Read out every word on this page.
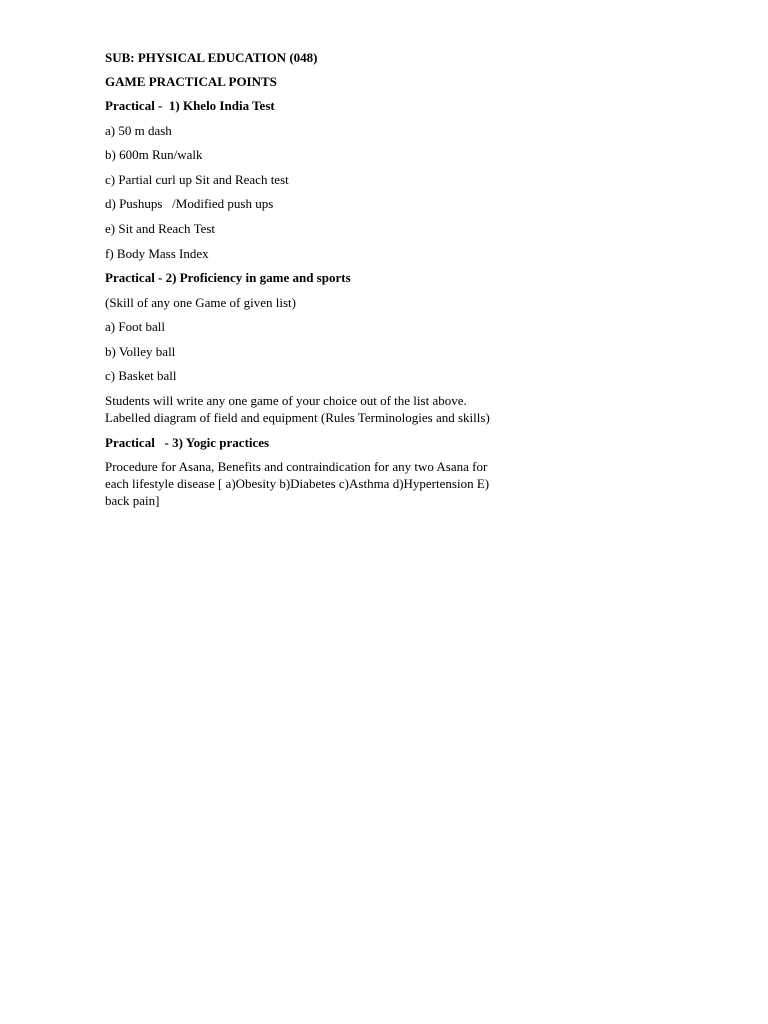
SUB: PHYSICAL EDUCATION (048)
GAME PRACTICAL POINTS
Practical -  1) Khelo India Test
a) 50 m dash
b) 600m Run/walk
c) Partial curl up Sit and Reach test
d) Pushups   /Modified push ups
e) Sit and Reach Test
f) Body Mass Index
Practical - 2) Proficiency in game and sports
(Skill of any one Game of given list)
a) Foot ball
b) Volley ball
c) Basket ball
Students will write any one game of your choice out of the list above.
Labelled diagram of field and equipment (Rules Terminologies and skills)
Practical   - 3) Yogic practices
Procedure for Asana, Benefits and contraindication for any two Asana for
each lifestyle disease [ a)Obesity b)Diabetes c)Asthma d)Hypertension E)
back pain]
